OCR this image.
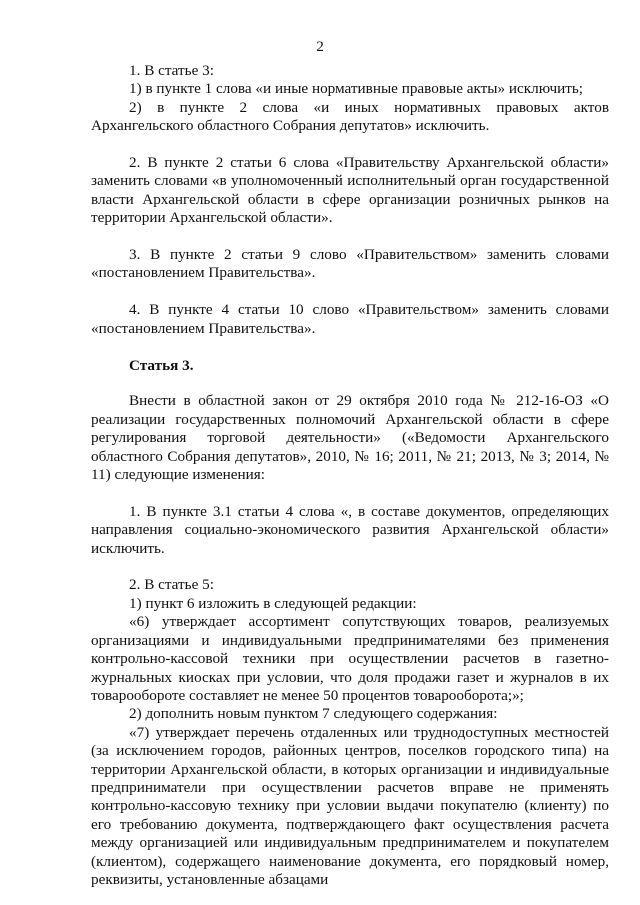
2

1. В статье 3:

1) в пункте 1 слова «и иные нормативные правовые акты» исключить;

2) в пункте 2 слова «и иных нормативных правовых актов Архангельского областного Собрания депутатов» исключить.

2. В пункте 2 статьи 6 слова «Правительству Архангельской области» заменить словами «в уполномоченный исполнительный орган государственной власти Архангельской области в сфере организации розничных рынков на территории Архангельской области».

3. В пункте 2 статьи 9 слово «Правительством» заменить словами «постановлением Правительства».

4. В пункте 4 статьи 10 слово «Правительством» заменить словами «постановлением Правительства».

Статья 3.

Внести в областной закон от 29 октября 2010 года № 212-16-ОЗ «О реализации государственных полномочий Архангельской области в сфере регулирования торговой деятельности» («Ведомости Архангельского областного Собрания депутатов», 2010, № 16; 2011, № 21; 2013, № 3; 2014, № 11) следующие изменения:

1. В пункте 3.1 статьи 4 слова «, в составе документов, определяющих направления социально-экономического развития Архангельской области» исключить.

2. В статье 5:

1) пункт 6 изложить в следующей редакции:

«6) утверждает ассортимент сопутствующих товаров, реализуемых организациями и индивидуальными предпринимателями без применения контрольно-кассовой техники при осуществлении расчетов в газетно-журнальных киосках при условии, что доля продажи газет и журналов в их товарообороте составляет не менее 50 процентов товарооборота;»;

2) дополнить новым пунктом 7 следующего содержания:

«7) утверждает перечень отдаленных или труднодоступных местностей (за исключением городов, районных центров, поселков городского типа) на территории Архангельской области, в которых организации и индивидуальные предприниматели при осуществлении расчетов вправе не применять контрольно-кассовую технику при условии выдачи покупателю (клиенту) по его требованию документа, подтверждающего факт осуществления расчета между организацией или индивидуальным предпринимателем и покупателем (клиентом), содержащего наименование документа, его порядковый номер, реквизиты, установленные абзацами
